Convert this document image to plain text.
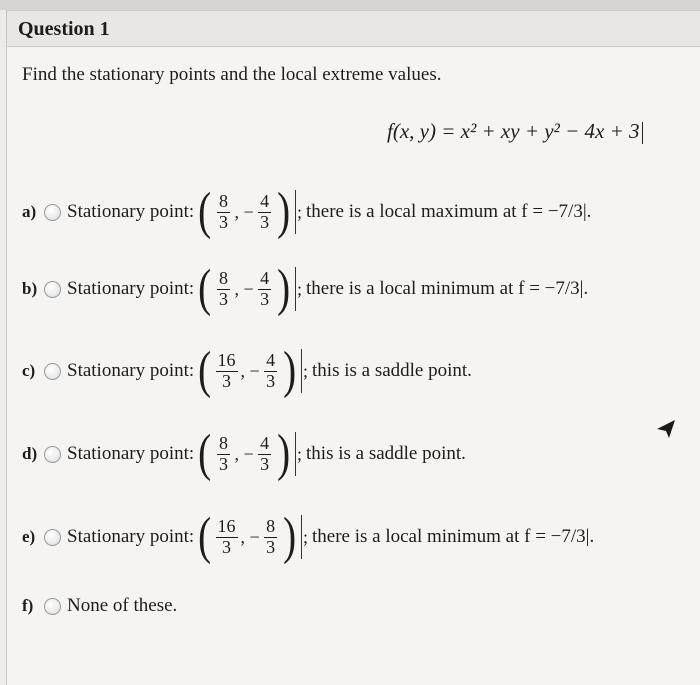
Question 1
Find the stationary points and the local extreme values.
f(x, y) = x² + xy + y² − 4x + 3
a)	Stationary point: ( $\frac{8}{3}$ , − $\frac{4}{3}$ ) ; there is a local maximum at f = −7/3|.
b)	Stationary point: ( $\frac{8}{3}$ , − $\frac{4}{3}$ ) ; there is a local minimum at f = −7/3|.
c)	Stationary point: ( $\frac{16}{3}$ , − $\frac{4}{3}$ ) ; this is a saddle point.
d)	Stationary point: ( $\frac{8}{3}$ , − $\frac{4}{3}$ ) ; this is a saddle point.
e)	Stationary point: ( $\frac{16}{3}$ , − $\frac{8}{3}$ ) ; there is a local minimum at f = −7/3|.
f)	None of these.
